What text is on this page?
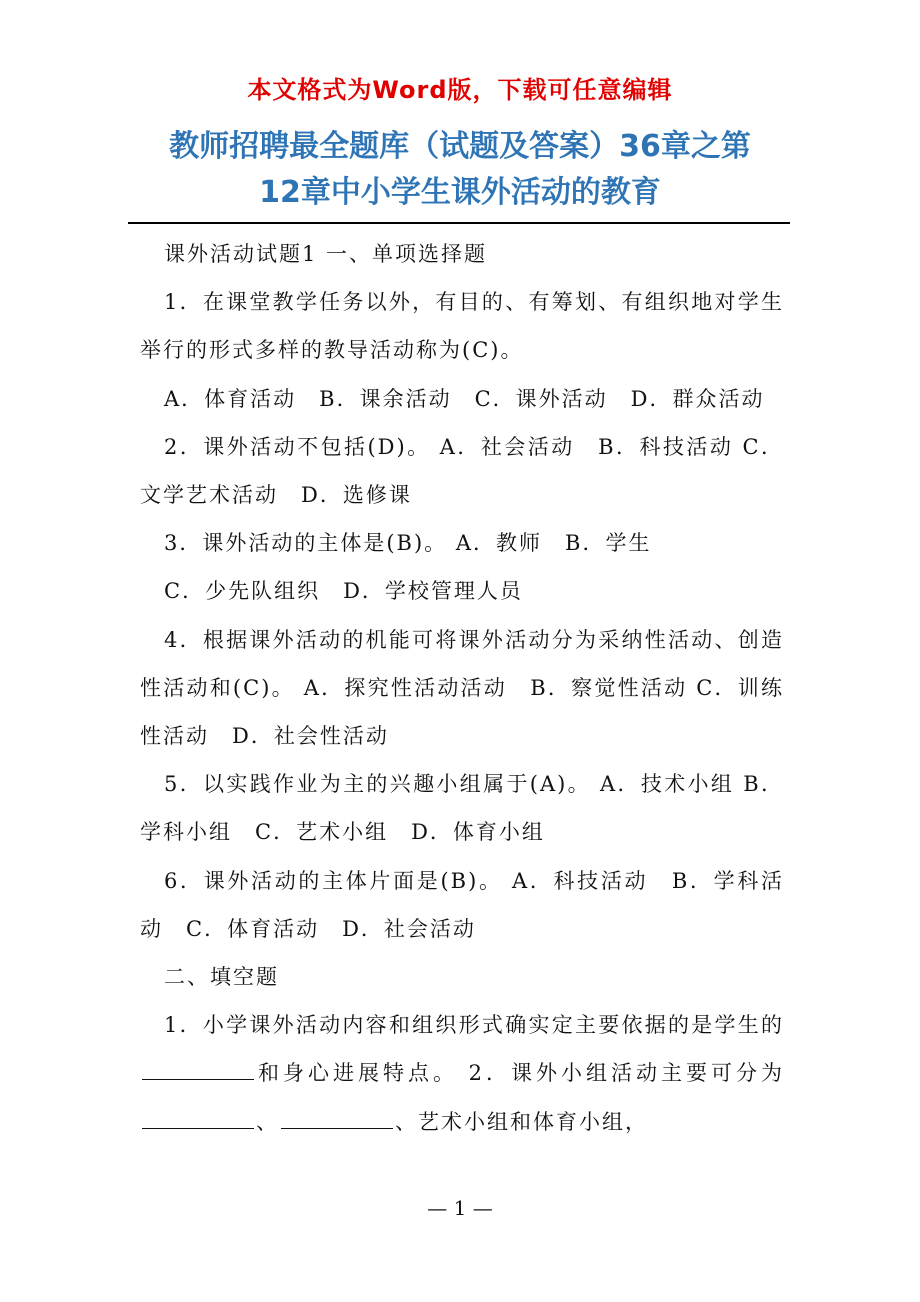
本文格式为Word版，下载可任意编辑
教师招聘最全题库（试题及答案）36章之第
12章中小学生课外活动的教育

课外活动试题1 一、单项选择题

1．在课堂教学任务以外，有目的、有筹划、有组织地对学生举行的形式多样的教导活动称为(C)。

A．体育活动　B．课余活动　C．课外活动　D．群众活动

2．课外活动不包括(D)。 A．社会活动　B．科技活动 C．文学艺术活动　D．选修课

3．课外活动的主体是(B)。 A．教师　B．学生

C．少先队组织　D．学校管理人员

4．根据课外活动的机能可将课外活动分为采纳性活动、创造性活动和(C)。 A．探究性活动活动　B．察觉性活动 C．训练性活动　D．社会性活动

5．以实践作业为主的兴趣小组属于(A)。 A．技术小组 B．学科小组　C．艺术小组　D．体育小组

6．课外活动的主体片面是(B)。 A．科技活动　B．学科活动　C．体育活动　D．社会活动

二、填空题

1．小学课外活动内容和组织形式确实定主要依据的是学生的和身心进展特点。 2．课外小组活动主要可分为 、	、艺术小组和体育小组，

— 1 —
